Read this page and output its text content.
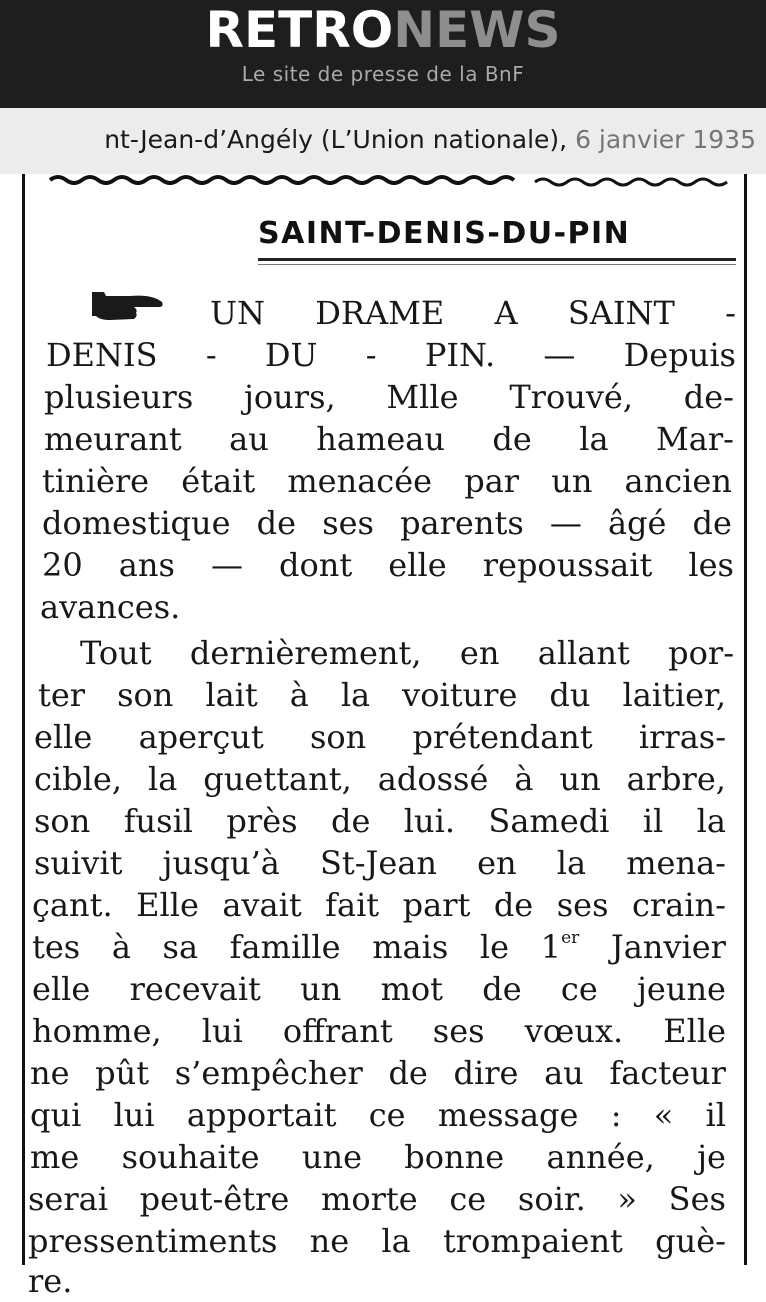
RETRONEWS
Le site de presse de la BnF
nt-Jean-d’Angély (L’Union nationale), 6 janvier 1935
SAINT-DENIS-DU-PIN
UN DRAME A SAINT -
DENIS - DU - PIN. — Depuis
plusieurs jours, Mlle Trouvé, de-
meurant au hameau de la Mar-
tinière était menacée par un ancien
domestique de ses parents — âgé de
20 ans — dont elle repoussait les
avances.
Tout dernièrement, en allant por-
ter son lait à la voiture du laitier,
elle aperçut son prétendant irras-
cible, la guettant, adossé à un arbre,
son fusil près de lui. Samedi il la
suivit jusqu’à St-Jean en la mena-
çant. Elle avait fait part de ses crain-
tes à sa famille mais le 1er Janvier
elle recevait un mot de ce jeune
homme, lui offrant ses vœux. Elle
ne pût s’empêcher de dire au facteur
qui lui apportait ce message : « il
me souhaite une bonne année, je
serai peut-être morte ce soir. » Ses
pressentiments ne la trompaient guè-
re.
